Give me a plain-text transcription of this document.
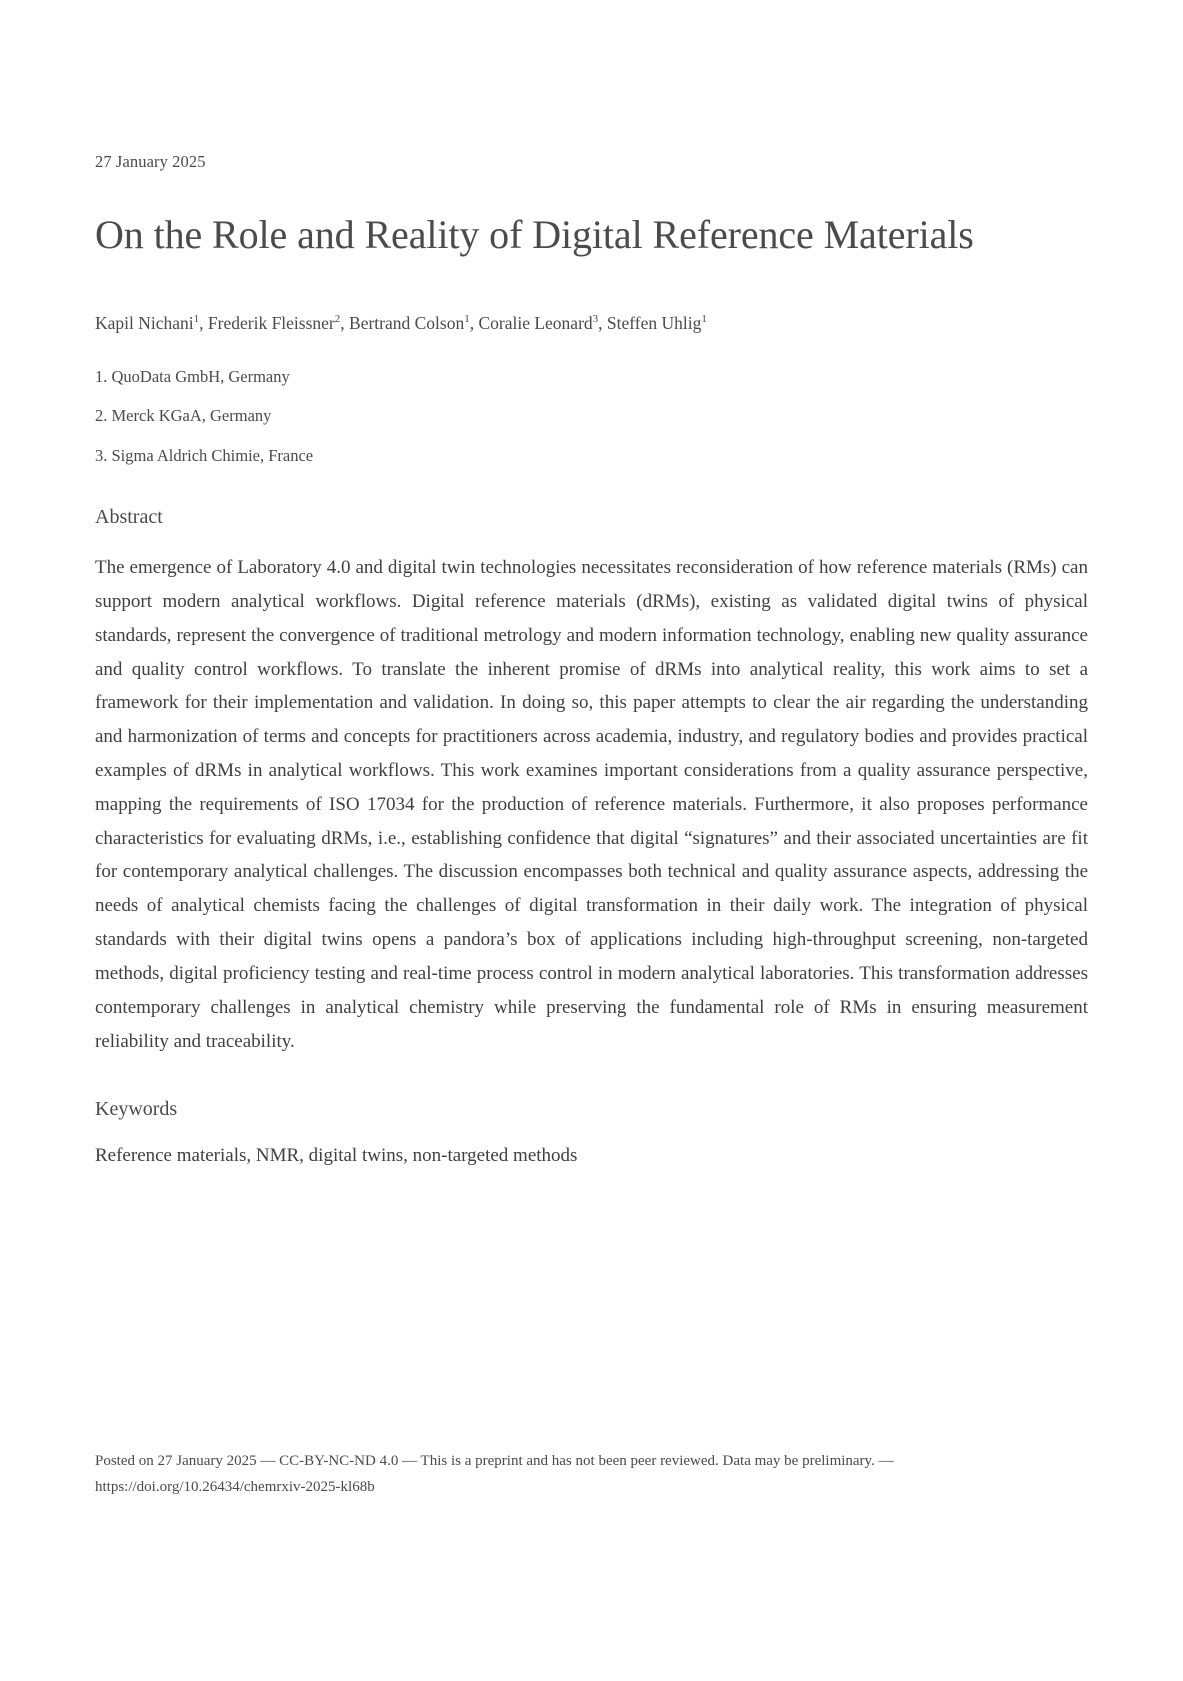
27 January 2025
On the Role and Reality of Digital Reference Materials
Kapil Nichani$^1$, Frederik Fleissner$^2$, Bertrand Colson$^1$, Coralie Leonard$^3$, Steffen Uhlig$^1$
1. QuoData GmbH, Germany
2. Merck KGaA, Germany
3. Sigma Aldrich Chimie, France
Abstract

The emergence of Laboratory 4.0 and digital twin technologies necessitates reconsideration of how reference materials (RMs) can support modern analytical workflows. Digital reference materials (dRMs), existing as validated digital twins of physical standards, represent the convergence of traditional metrology and modern information technology, enabling new quality assurance and quality control workflows. To translate the inherent promise of dRMs into analytical reality, this work aims to set a framework for their implementation and validation. In doing so, this paper attempts to clear the air regarding the understanding and harmonization of terms and concepts for practitioners across academia, industry, and regulatory bodies and provides practical examples of dRMs in analytical workflows. This work examines important considerations from a quality assurance perspective, mapping the requirements of ISO 17034 for the production of reference materials. Furthermore, it also proposes performance characteristics for evaluating dRMs, i.e., establishing confidence that digital “signatures” and their associated uncertainties are fit for contemporary analytical challenges. The discussion encompasses both technical and quality assurance aspects, addressing the needs of analytical chemists facing the challenges of digital transformation in their daily work. The integration of physical standards with their digital twins opens a pandora’s box of applications including high-throughput screening, non-targeted methods, digital proficiency testing and real-time process control in modern analytical laboratories. This transformation addresses contemporary challenges in analytical chemistry while preserving the fundamental role of RMs in ensuring measurement reliability and traceability.

Keywords

Reference materials, NMR, digital twins, non-targeted methods

Posted on 27 January 2025 — CC-BY-NC-ND 4.0 — This is a preprint and has not been peer reviewed. Data may be preliminary. —
https://doi.org/10.26434/chemrxiv-2025-kl68b
